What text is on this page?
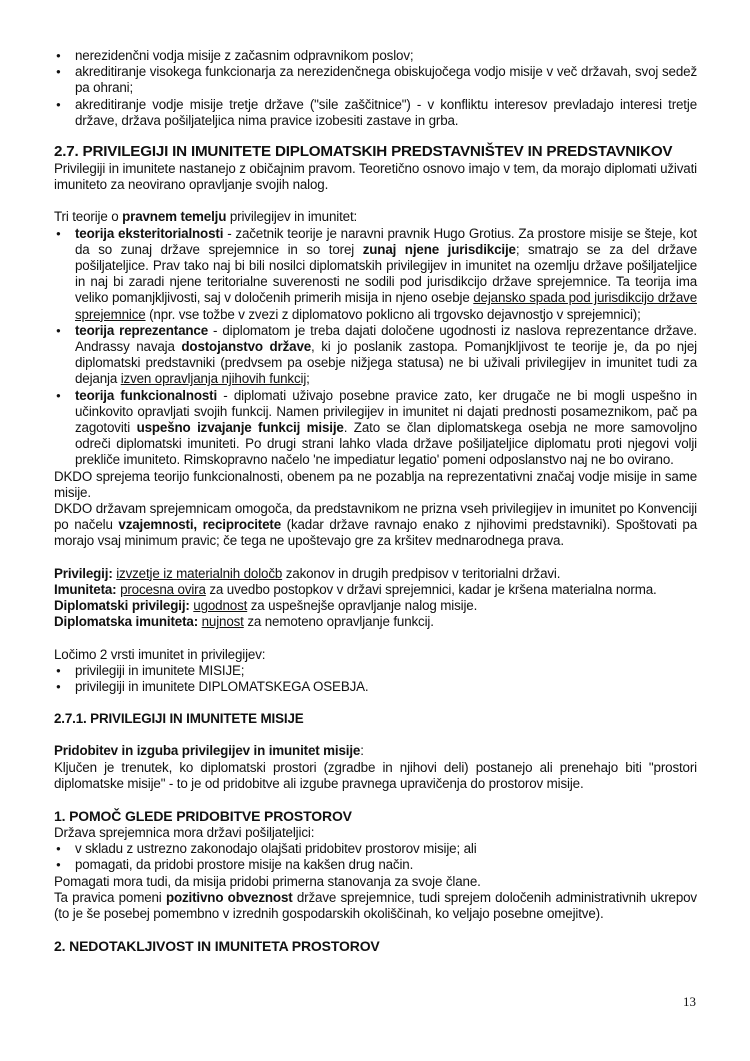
● nerezidenčni vodja misije z začasnim odpravnikom poslov;
● akreditiranje visokega funkcionarja za nerezidenčnega obiskujočega vodjo misije v več državah, svoj sedež pa ohrani;
● akreditiranje vodje misije tretje države ("sile zaščitnice") - v konfliktu interesov prevladajo interesi tretje države, država pošiljateljica nima pravice izobesiti zastave in grba.
2.7. PRIVILEGIJI IN IMUNITETE DIPLOMATSKIH PREDSTAVNIŠTEV IN PREDSTAVNIKOV
Privilegiji in imunitete nastanejo z običajnim pravom. Teoretično osnovo imajo v tem, da morajo diplomati uživati imuniteto za neovirano opravljanje svojih nalog.
Tri teorije o pravnem temelju privilegijev in imunitet:
● teorija eksteritorialnosti - začetnik teorije je naravni pravnik Hugo Grotius. Za prostore misije se šteje, kot da so zunaj države sprejemnice in so torej zunaj njene jurisdikcije; smatrajo se za del države pošiljateljice. Prav tako naj bi bili nosilci diplomatskih privilegijev in imunitet na ozemlju države pošiljateljice in naj bi zaradi njene teritorialne suverenosti ne sodili pod jurisdikcijo države sprejemnice. Ta teorija ima veliko pomanjkljivosti, saj v določenih primerih misija in njeno osebje dejansko spada pod jurisdikcijo države sprejemnice (npr. vse tožbe v zvezi z diplomatovo poklicno ali trgovsko dejavnostjo v sprejemnici);
● teorija reprezentance - diplomatom je treba dajati določene ugodnosti iz naslova reprezentance države. Andrassy navaja dostojanstvo države, ki jo poslanik zastopa. Pomanjkljivost te teorije je, da po njej diplomatski predstavniki (predvsem pa osebje nižjega statusa) ne bi uživali privilegijev in imunitet tudi za dejanja izven opravljanja njihovih funkcij;
● teorija funkcionalnosti - diplomati uživajo posebne pravice zato, ker drugače ne bi mogli uspešno in učinkovito opravljati svojih funkcij. Namen privilegijev in imunitet ni dajati prednosti posameznikom, pač pa zagotoviti uspešno izvajanje funkcij misije. Zato se član diplomatskega osebja ne more samovoljno odreči diplomatski imuniteti. Po drugi strani lahko vlada države pošiljateljice diplomatu proti njegovi volji prekliče imuniteto. Rimskopravno načelo 'ne impediatur legatio' pomeni odposlanstvo naj ne bo ovirano.
DKDO sprejema teorijo funkcionalnosti, obenem pa ne pozablja na reprezentativni značaj vodje misije in same misije.
DKDO državam sprejemnicam omogoča, da predstavnikom ne prizna vseh privilegijev in imunitet po Konvenciji po načelu vzajemnosti, reciprocitete (kadar države ravnajo enako z njihovimi predstavniki). Spoštovati pa morajo vsaj minimum pravic; če tega ne upoštevajo gre za kršitev mednarodnega prava.
Privilegij: izvzetje iz materialnih določb zakonov in drugih predpisov v teritorialni državi.
Imuniteta: procesna ovira za uvedbo postopkov v državi sprejemnici, kadar je kršena materialna norma.
Diplomatski privilegij: ugodnost za uspešnejše opravljanje nalog misije.
Diplomatska imuniteta: nujnost za nemoteno opravljanje funkcij.
Ločimo 2 vrsti imunitet in privilegijev:
● privilegiji in imunitete MISIJE;
● privilegiji in imunitete DIPLOMATSKEGA OSEBJA.
2.7.1. PRIVILEGIJI IN IMUNITETE MISIJE
Pridobitev in izguba privilegijev in imunitet misije:
Ključen je trenutek, ko diplomatski prostori (zgradbe in njihovi deli) postanejo ali prenehajo biti "prostori diplomatske misije" - to je od pridobitve ali izgube pravnega upravičenja do prostorov misije.
1. POMOČ GLEDE PRIDOBITVE PROSTOROV
Država sprejemnica mora državi pošiljateljici:
● v skladu z ustrezno zakonodajo olajšati pridobitev prostorov misije; ali
● pomagati, da pridobi prostore misije na kakšen drug način.
Pomagati mora tudi, da misija pridobi primerna stanovanja za svoje člane.
Ta pravica pomeni pozitivno obveznost države sprejemnice, tudi sprejem določenih administrativnih ukrepov (to je še posebej pomembno v izrednih gospodarskih okoliščinah, ko veljajo posebne omejitve).
2. NEDOTAKLJIVOST IN IMUNITETA PROSTOROV
13
